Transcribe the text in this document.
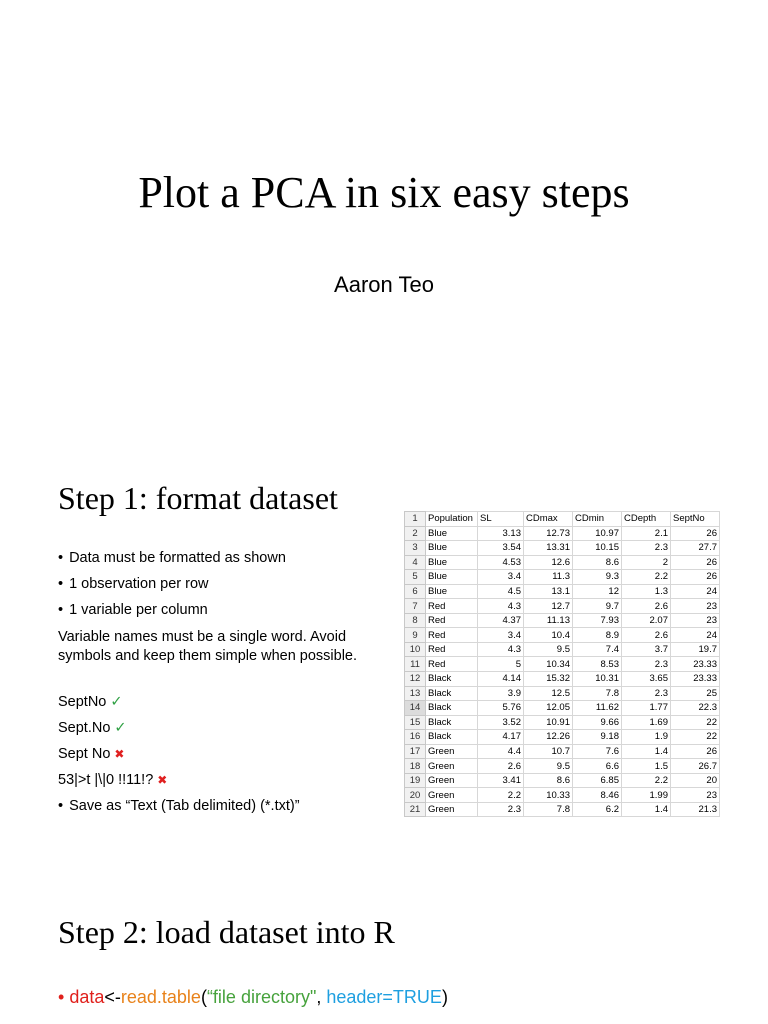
Plot a PCA in six easy steps
Aaron Teo
Step 1: format dataset
• Data must be formatted as shown
• 1 observation per row
• 1 variable per column
Variable names must be a single word. Avoid symbols and keep them simple when possible.
SeptNo ✓
Sept.No ✓
Sept No ✖
53|>t |\|0 !!11!? ✖
• Save as “Text (Tab delimited) (*.txt)”
1	Population	SL	CDmax	CDmin	CDepth	SeptNo
2	Blue	3.13	12.73	10.97	2.1	26
3	Blue	3.54	13.31	10.15	2.3	27.7
4	Blue	4.53	12.6	8.6	2	26
5	Blue	3.4	11.3	9.3	2.2	26
6	Blue	4.5	13.1	12	1.3	24
7	Red	4.3	12.7	9.7	2.6	23
8	Red	4.37	11.13	7.93	2.07	23
9	Red	3.4	10.4	8.9	2.6	24
10	Red	4.3	9.5	7.4	3.7	19.7
11	Red	5	10.34	8.53	2.3	23.33
12	Black	4.14	15.32	10.31	3.65	23.33
13	Black	3.9	12.5	7.8	2.3	25
14	Black	5.76	12.05	11.62	1.77	22.3
15	Black	3.52	10.91	9.66	1.69	22
16	Black	4.17	12.26	9.18	1.9	22
17	Green	4.4	10.7	7.6	1.4	26
18	Green	2.6	9.5	6.6	1.5	26.7
19	Green	3.41	8.6	6.85	2.2	20
20	Green	2.2	10.33	8.46	1.99	23
21	Green	2.3	7.8	6.2	1.4	21.3
Step 2: load dataset into R
• data<-read.table(“file directory", header=TRUE)
